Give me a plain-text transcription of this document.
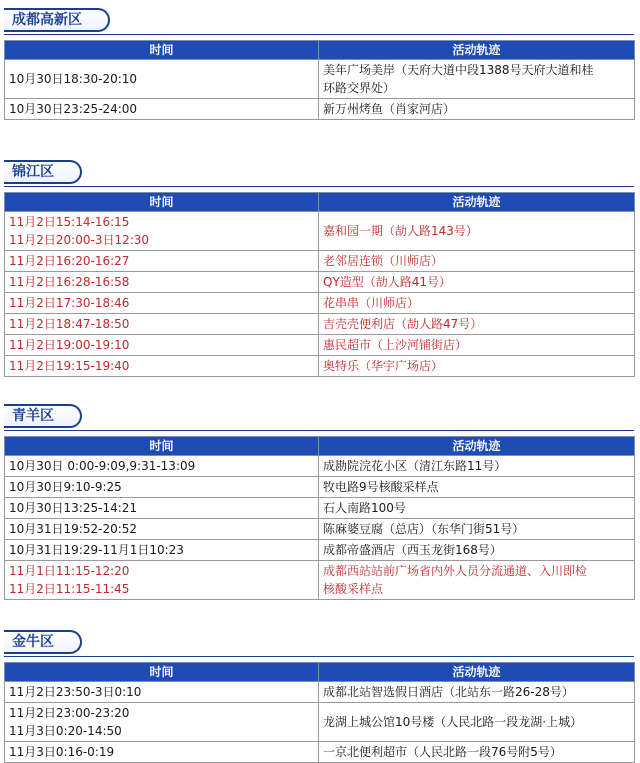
成都高新区
时间	活动轨迹
10月30日18:30-20:10	美年广场美岸（天府大道中段1388号天府大道和桂
环路交界处）
10月30日23:25-24:00	新万州烤鱼（肖家河店）
锦江区
时间	活动轨迹
11月2日15:14-16:15
11月2日20:00-3日12:30	嘉和园一期（劼人路143号）
11月2日16:20-16:27	老邻居连锁（川师店）
11月2日16:28-16:58	QY造型（劼人路41号）
11月2日17:30-18:46	花串串（川师店）
11月2日18:47-18:50	吉壳壳便利店（劼人路47号）
11月2日19:00-19:10	惠民超市（上沙河铺街店）
11月2日19:15-19:40	奥特乐（华宇广场店）
青羊区
时间	活动轨迹
10月30日 0:00-9:09,9:31-13:09	成勘院浣花小区（清江东路11号）
10月30日9:10-9:25	牧电路9号核酸采样点
10月30日13:25-14:21	石人南路100号
10月31日19:52-20:52	陈麻婆豆腐（总店）（东华门街51号）
10月31日19:29-11月1日10:23	成都帝盛酒店（西玉龙街168号）
11月1日11:15-12:20
11月2日11:15-11:45	成都西站站前广场省内外人员分流通道、入川即检
核酸采样点
金牛区
时间	活动轨迹
11月2日23:50-3日0:10	成都北站智选假日酒店（北站东一路26-28号）
11月2日23:00-23:20
11月3日0:20-14:50	龙湖上城公馆10号楼（人民北路一段龙湖·上城）
11月3日0:16-0:19	一京北便利超市（人民北路一段76号附5号）
